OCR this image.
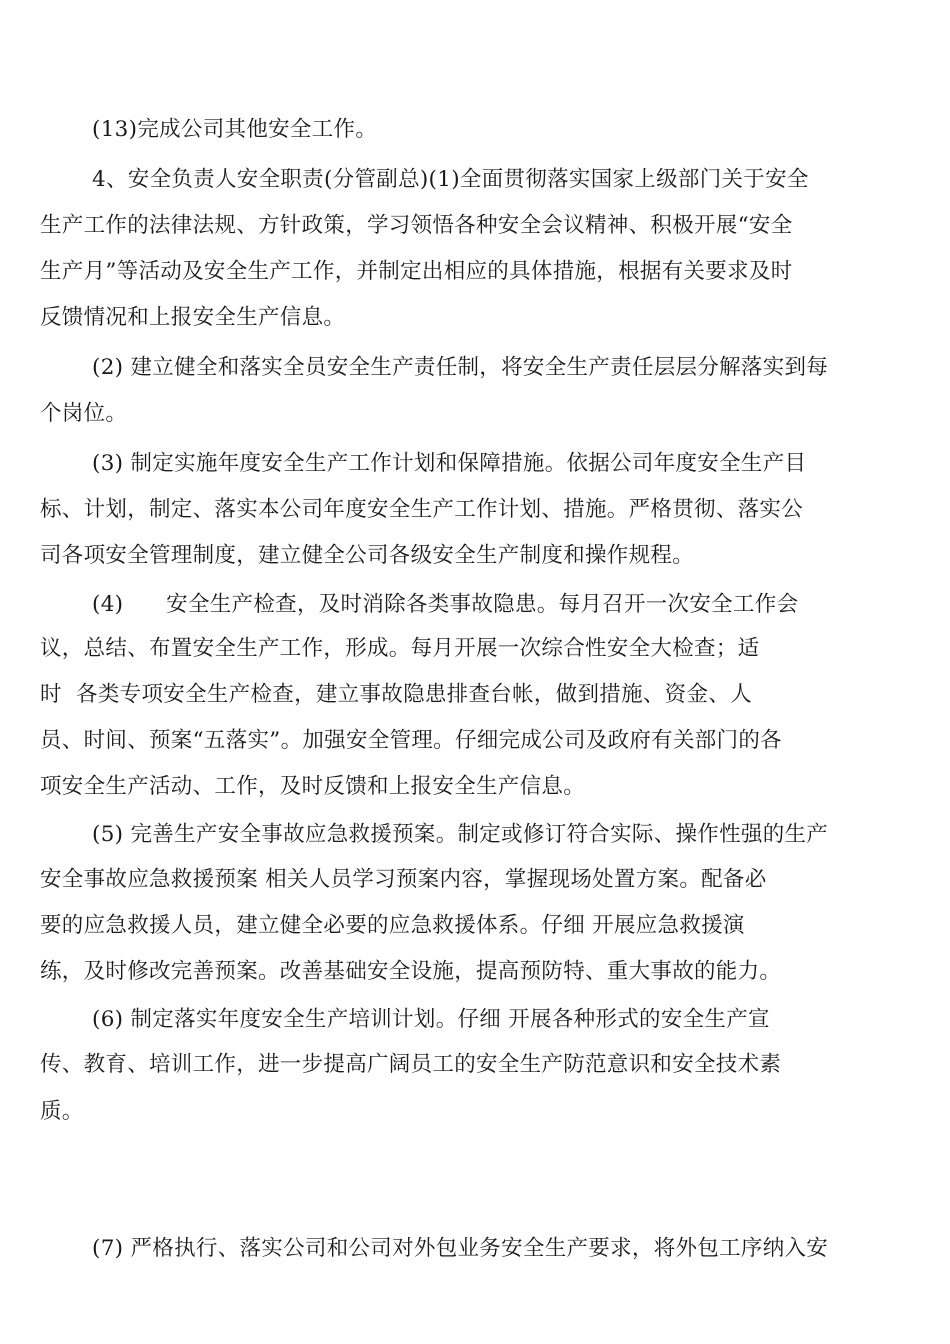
(13)完成公司其他安全工作。
4、安全负责人安全职责(分管副总)(1)全面贯彻落实国家上级部门关于安全
生产工作的法律法规、方针政策，学习领悟各种安全会议精神、积极开展“安全
生产月”等活动及安全生产工作，并制定出相应的具体措施，根据有关要求及时
反馈情况和上报安全生产信息。
(2) 建立健全和落实全员安全生产责任制，将安全生产责任层层分解落实到每
个岗位。
(3) 制定实施年度安全生产工作计划和保障措施。依据公司年度安全生产目
标、计划，制定、落实本公司年度安全生产工作计划、措施。严格贯彻、落实公
司各项安全管理制度，建立健全公司各级安全生产制度和操作规程。
(4)      安全生产检查，及时消除各类事故隐患。每月召开一次安全工作会
议，总结、布置安全生产工作，形成。每月开展一次综合性安全大检查；适
时  各类专项安全生产检查，建立事故隐患排查台帐，做到措施、资金、人
员、时间、预案“五落实”。加强安全管理。仔细完成公司及政府有关部门的各
项安全生产活动、工作，及时反馈和上报安全生产信息。
(5) 完善生产安全事故应急救援预案。制定或修订符合实际、操作性强的生产
安全事故应急救援预案 相关人员学习预案内容，掌握现场处置方案。配备必
要的应急救援人员，建立健全必要的应急救援体系。仔细 开展应急救援演
练，及时修改完善预案。改善基础安全设施，提高预防特、重大事故的能力。
(6) 制定落实年度安全生产培训计划。仔细 开展各种形式的安全生产宣
传、教育、培训工作，进一步提高广阔员工的安全生产防范意识和安全技术素
质。
(7) 严格执行、落实公司和公司对外包业务安全生产要求，将外包工序纳入安
